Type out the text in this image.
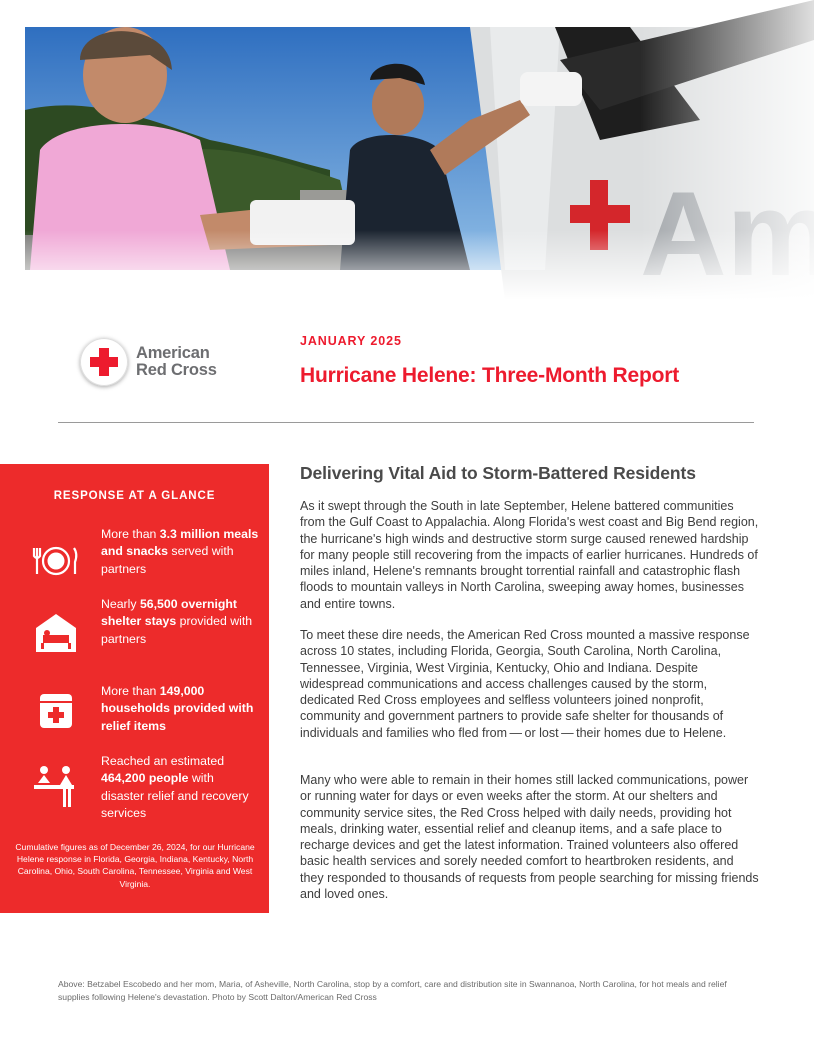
American
Red Cross
JANUARY 2025
Hurricane Helene: Three-Month Report
RESPONSE AT A GLANCE
More than 3.3 million meals and snacks served with partners
Nearly 56,500 overnight shelter stays provided with partners
More than 149,000 households provided with relief items
Reached an estimated 464,200 people with disaster relief and recovery services
Cumulative figures as of December 26, 2024, for our Hurricane Helene response in Florida, Georgia, Indiana, Kentucky, North Carolina, Ohio, South Carolina, Tennessee, Virginia and West Virginia.
Delivering Vital Aid to Storm-Battered Residents

As it swept through the South in late September, Helene battered communities from the Gulf Coast to Appalachia. Along Florida's west coast and Big Bend region, the hurricane's high winds and destructive storm surge caused renewed hardship for many people still recovering from the impacts of earlier hurricanes. Hundreds of miles inland, Helene's remnants brought torrential rainfall and catastrophic flash floods to mountain valleys in North Carolina, sweeping away homes, businesses and entire towns.

To meet these dire needs, the American Red Cross mounted a massive response across 10 states, including Florida, Georgia, South Carolina, North Carolina, Tennessee, Virginia, West Virginia, Kentucky, Ohio and Indiana. Despite widespread communications and access challenges caused by the storm, dedicated Red Cross employees and selfless volunteers joined nonprofit, community and government partners to provide safe shelter for thousands of individuals and families who fled from — or lost — their homes due to Helene.

Many who were able to remain in their homes still lacked communications, power or running water for days or even weeks after the storm. At our shelters and community service sites, the Red Cross helped with daily needs, providing hot meals, drinking water, essential relief and cleanup items, and a safe place to recharge devices and get the latest information. Trained volunteers also offered basic health services and sorely needed comfort to heartbroken residents, and they responded to thousands of requests from people searching for missing friends and loved ones.

Above: Betzabel Escobedo and her mom, Maria, of Asheville, North Carolina, stop by a comfort, care and distribution site in Swannanoa, North Carolina, for hot meals and relief supplies following Helene's devastation. Photo by Scott Dalton/American Red Cross
